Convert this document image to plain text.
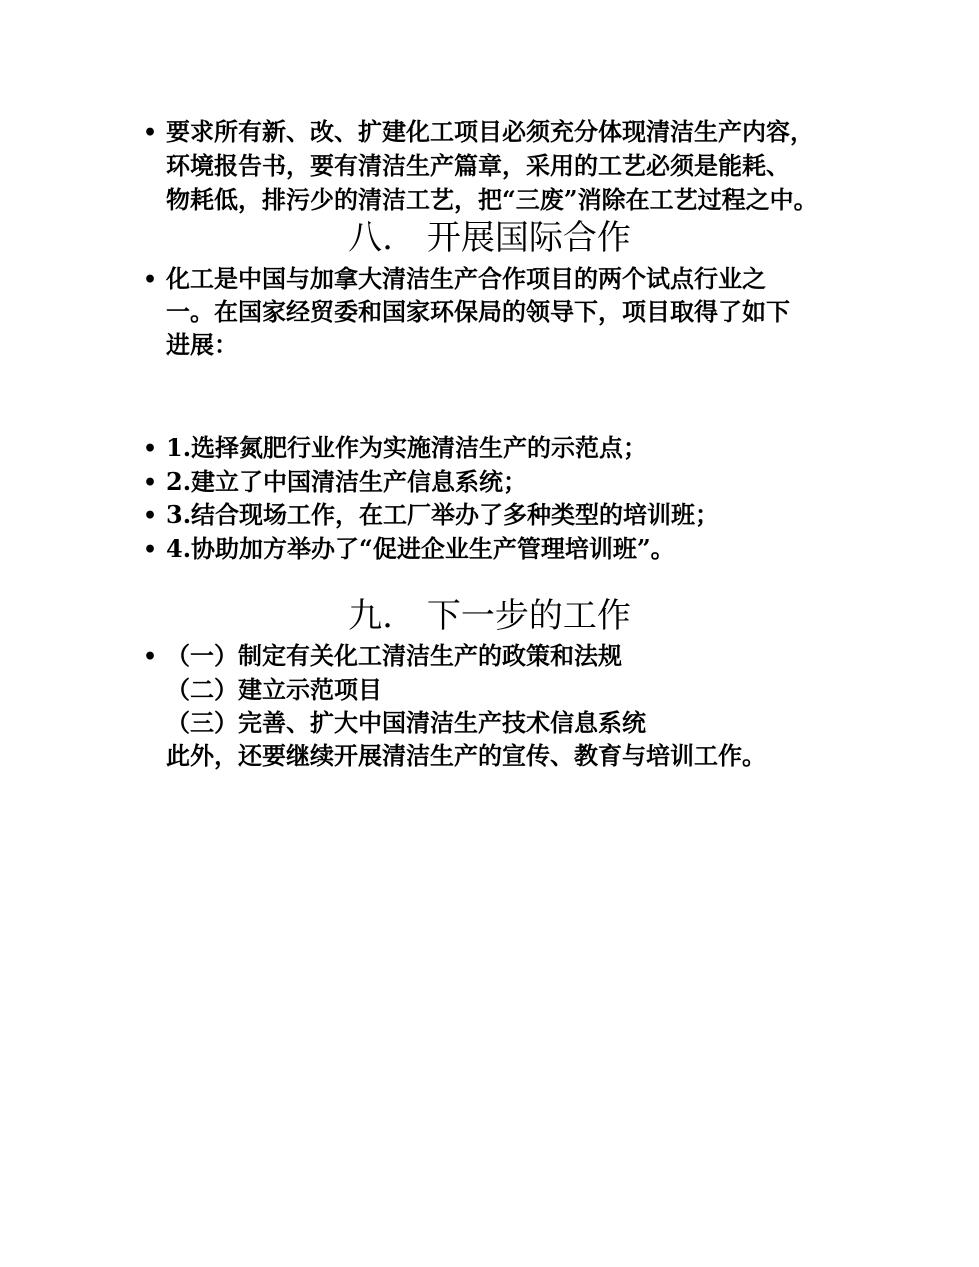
• 要求所有新、改、扩建化工项目必须充分体现清洁生产内容，
环境报告书，要有清洁生产篇章，采用的工艺必须是能耗、
物耗低，排污少的清洁工艺，把“三废”消除在工艺过程之中。
八. 开展国际合作
• 化工是中国与加拿大清洁生产合作项目的两个试点行业之
一。在国家经贸委和国家环保局的领导下，项目取得了如下
进展：
• 1.选择氮肥行业作为实施清洁生产的示范点；
• 2.建立了中国清洁生产信息系统；
• 3.结合现场工作，在工厂举办了多种类型的培训班；
• 4.协助加方举办了“促进企业生产管理培训班”。
九. 下一步的工作
• （一）制定有关化工清洁生产的政策和法规
（二）建立示范项目
（三）完善、扩大中国清洁生产技术信息系统
此外，还要继续开展清洁生产的宣传、教育与培训工作。
